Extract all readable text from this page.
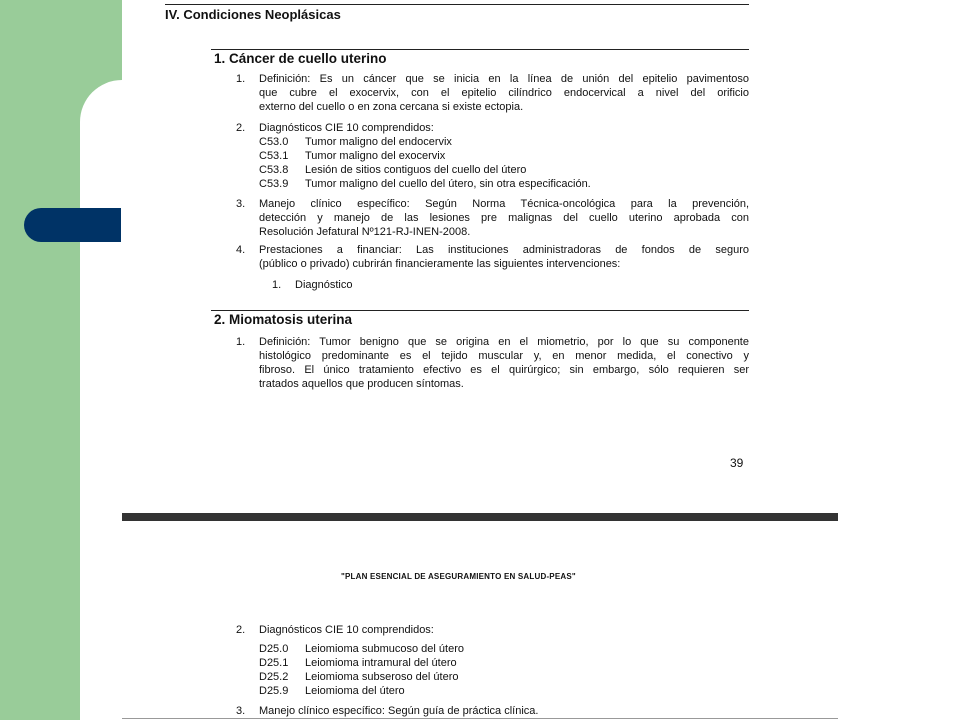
IV. Condiciones Neoplásicas
1. Cáncer de cuello uterino
1. Definición: Es un cáncer que se inicia en la línea de unión del epitelio pavimentoso

que cubre el exocervix, con el epitelio cilíndrico endocervical a nivel del orificio

externo del cuello o en zona cercana si existe ectopia.

2. Diagnósticos CIE 10 comprendidos:

C53.0 Tumor maligno del endocervix
C53.1 Tumor maligno del exocervix
C53.8 Lesión de sitios contiguos del cuello del útero
C53.9 Tumor maligno del cuello del útero, sin otra especificación.
3. Manejo clínico específico: Según Norma Técnica-oncológica para la prevención,

detección y manejo de las lesiones pre malignas del cuello uterino aprobada con

Resolución Jefatural Nº121-RJ-INEN-2008.

4. Prestaciones a financiar: Las instituciones administradoras de fondos de seguro

(público o privado) cubrirán financieramente las siguientes intervenciones:

1. Diagnóstico
2. Miomatosis uterina
1. Definición: Tumor benigno que se origina en el miometrio, por lo que su componente

histológico predominante es el tejido muscular y, en menor medida, el conectivo y

fibroso. El único tratamiento efectivo es el quirúrgico; sin embargo, sólo requieren ser

tratados aquellos que producen síntomas.

39
"PLAN ESENCIAL DE ASEGURAMIENTO EN SALUD-PEAS"
2. Diagnósticos CIE 10 comprendidos:
D25.0 Leiomioma submucoso del útero
D25.1 Leiomioma intramural del útero
D25.2 Leiomioma subseroso del útero
D25.9 Leiomioma del útero
3. Manejo clínico específico: Según guía de práctica clínica.
